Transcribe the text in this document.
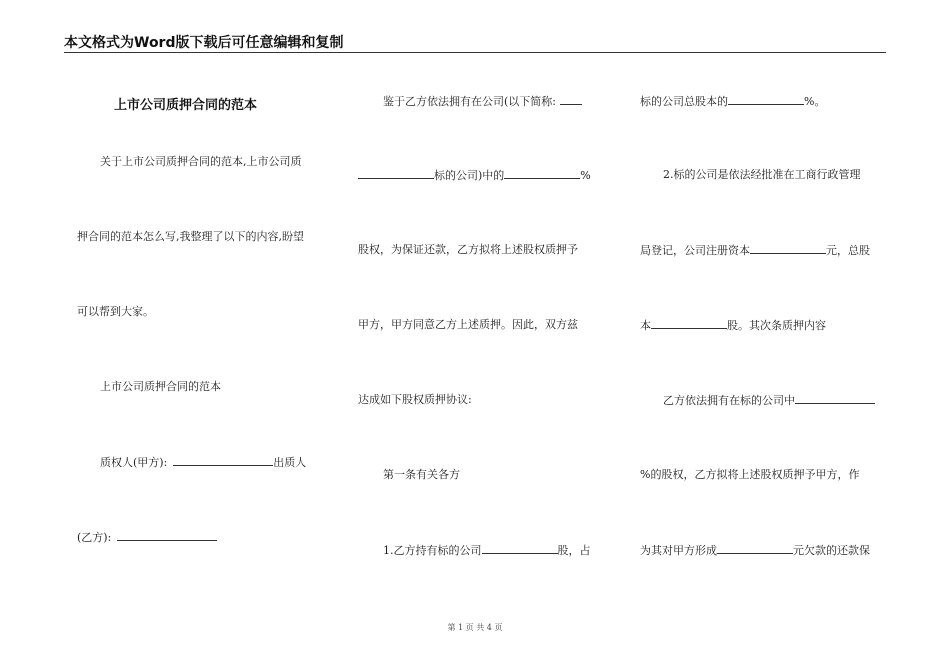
本文格式为Word版下载后可任意编辑和复制
上市公司质押合同的范本
关于上市公司质押合同的范本,上市公司质
押合同的范本怎么写,我整理了以下的内容,盼望
可以帮到大家。
上市公司质押合同的范本
质权人(甲方):	出质人
(乙方):
鉴于乙方依法拥有在公司(以下简称:
标的公司)中的	%
股权，为保证还款，乙方拟将上述股权质押予
甲方，甲方同意乙方上述质押。因此，双方兹
达成如下股权质押协议:
第一条有关各方
1.乙方持有标的公司	股，占
标的公司总股本的	%。
2.标的公司是依法经批准在工商行政管理
局登记，公司注册资本	元，总股
本	股。其次条质押内容
乙方依法拥有在标的公司中
%的股权，乙方拟将上述股权质押予甲方，作
为其对甲方形成	元欠款的还款保
第 1 页 共 4 页
